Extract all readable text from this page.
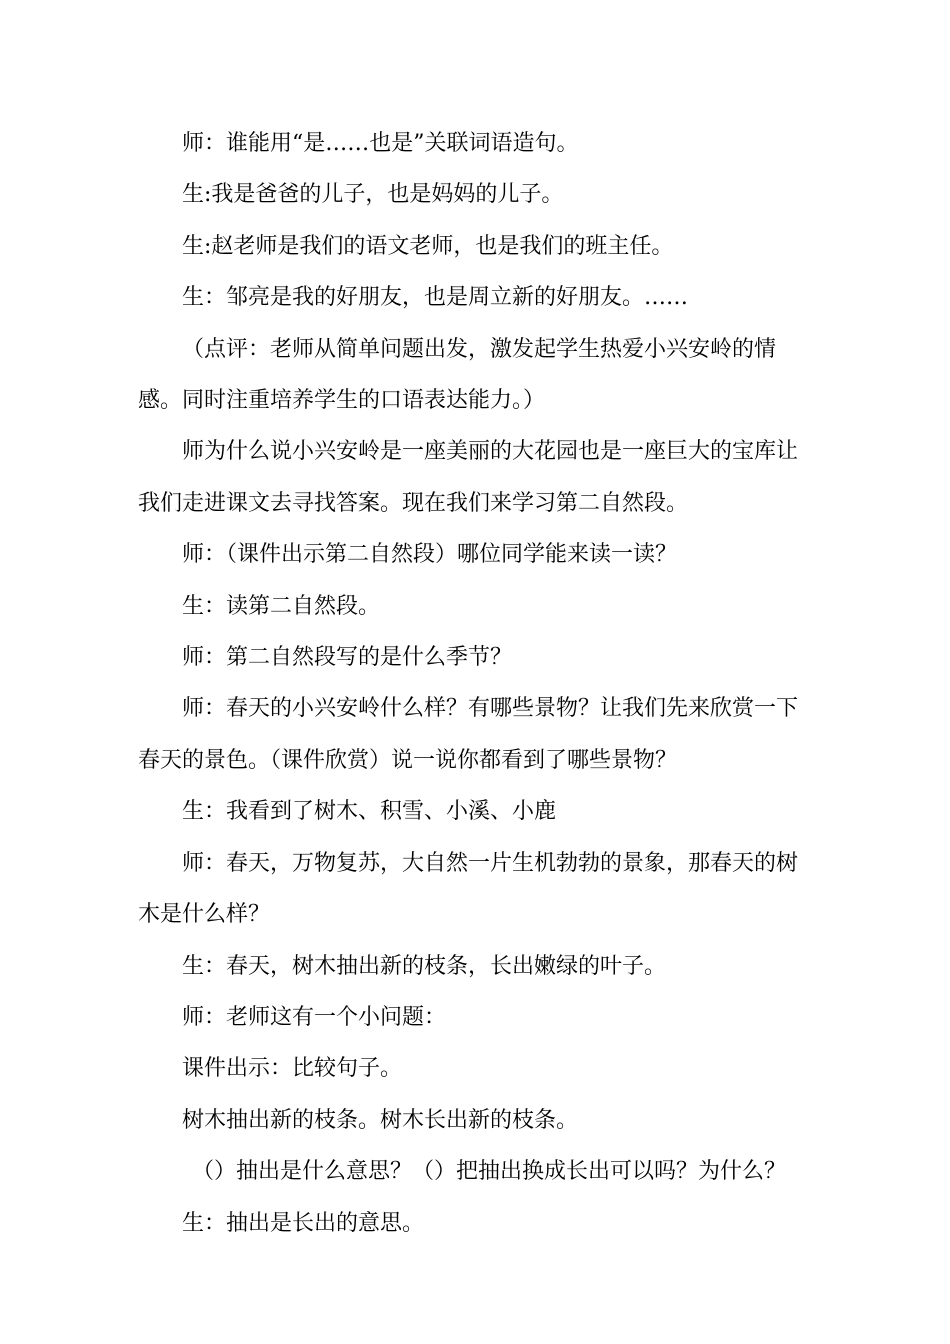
师：谁能用“是……也是”关联词语造句。

生:我是爸爸的儿子，也是妈妈的儿子。

生:赵老师是我们的语文老师，也是我们的班主任。

生：邹亮是我的好朋友，也是周立新的好朋友。……

（点评：老师从简单问题出发，激发起学生热爱小兴安岭的情感。同时注重培养学生的口语表达能力。）

师为什么说小兴安岭是一座美丽的大花园也是一座巨大的宝库让我们走进课文去寻找答案。现在我们来学习第二自然段。

师：（课件出示第二自然段）哪位同学能来读一读？

生：读第二自然段。

师：第二自然段写的是什么季节？

师：春天的小兴安岭什么样？有哪些景物？让我们先来欣赏一下春天的景色。（课件欣赏）说一说你都看到了哪些景物？

生：我看到了树木、积雪、小溪、小鹿

师：春天，万物复苏，大自然一片生机勃勃的景象，那春天的树木是什么样？

生：春天，树木抽出新的枝条，长出嫩绿的叶子。

师：老师这有一个小问题：

课件出示：比较句子。

树木抽出新的枝条。树木长出新的枝条。

（）抽出是什么意思？（）把抽出换成长出可以吗？为什么？

生：抽出是长出的意思。
